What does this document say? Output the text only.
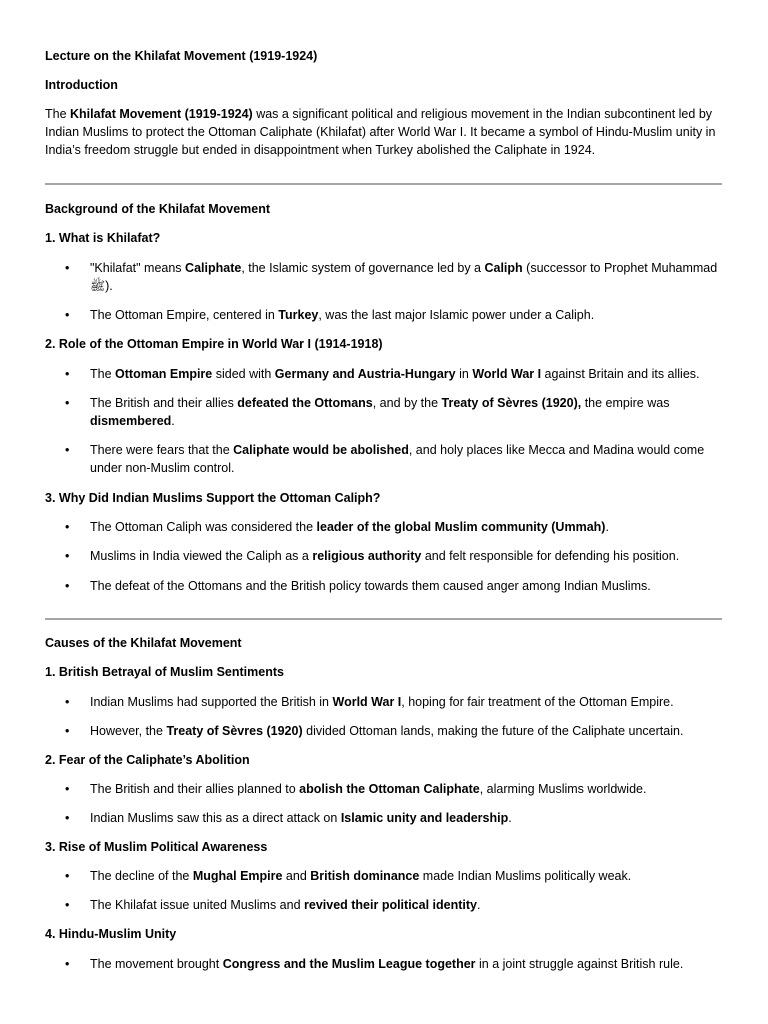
Lecture on the Khilafat Movement (1919-1924)
Introduction
The Khilafat Movement (1919-1924) was a significant political and religious movement in the Indian subcontinent led by Indian Muslims to protect the Ottoman Caliphate (Khilafat) after World War I. It became a symbol of Hindu-Muslim unity in India’s freedom struggle but ended in disappointment when Turkey abolished the Caliphate in 1924.
Background of the Khilafat Movement
1. What is Khilafat?
• "Khilafat" means Caliphate, the Islamic system of governance led by a Caliph (successor to Prophet Muhammad ﷺ).
• The Ottoman Empire, centered in Turkey, was the last major Islamic power under a Caliph.
2. Role of the Ottoman Empire in World War I (1914-1918)
• The Ottoman Empire sided with Germany and Austria-Hungary in World War I against Britain and its allies.
• The British and their allies defeated the Ottomans, and by the Treaty of Sèvres (1920), the empire was dismembered.
• There were fears that the Caliphate would be abolished, and holy places like Mecca and Madina would come under non-Muslim control.
3. Why Did Indian Muslims Support the Ottoman Caliph?
• The Ottoman Caliph was considered the leader of the global Muslim community (Ummah).
• Muslims in India viewed the Caliph as a religious authority and felt responsible for defending his position.
• The defeat of the Ottomans and the British policy towards them caused anger among Indian Muslims.
Causes of the Khilafat Movement
1. British Betrayal of Muslim Sentiments
• Indian Muslims had supported the British in World War I, hoping for fair treatment of the Ottoman Empire.
• However, the Treaty of Sèvres (1920) divided Ottoman lands, making the future of the Caliphate uncertain.
2. Fear of the Caliphate’s Abolition
• The British and their allies planned to abolish the Ottoman Caliphate, alarming Muslims worldwide.
• Indian Muslims saw this as a direct attack on Islamic unity and leadership.
3. Rise of Muslim Political Awareness
• The decline of the Mughal Empire and British dominance made Indian Muslims politically weak.
• The Khilafat issue united Muslims and revived their political identity.
4. Hindu-Muslim Unity
• The movement brought Congress and the Muslim League together in a joint struggle against British rule.
